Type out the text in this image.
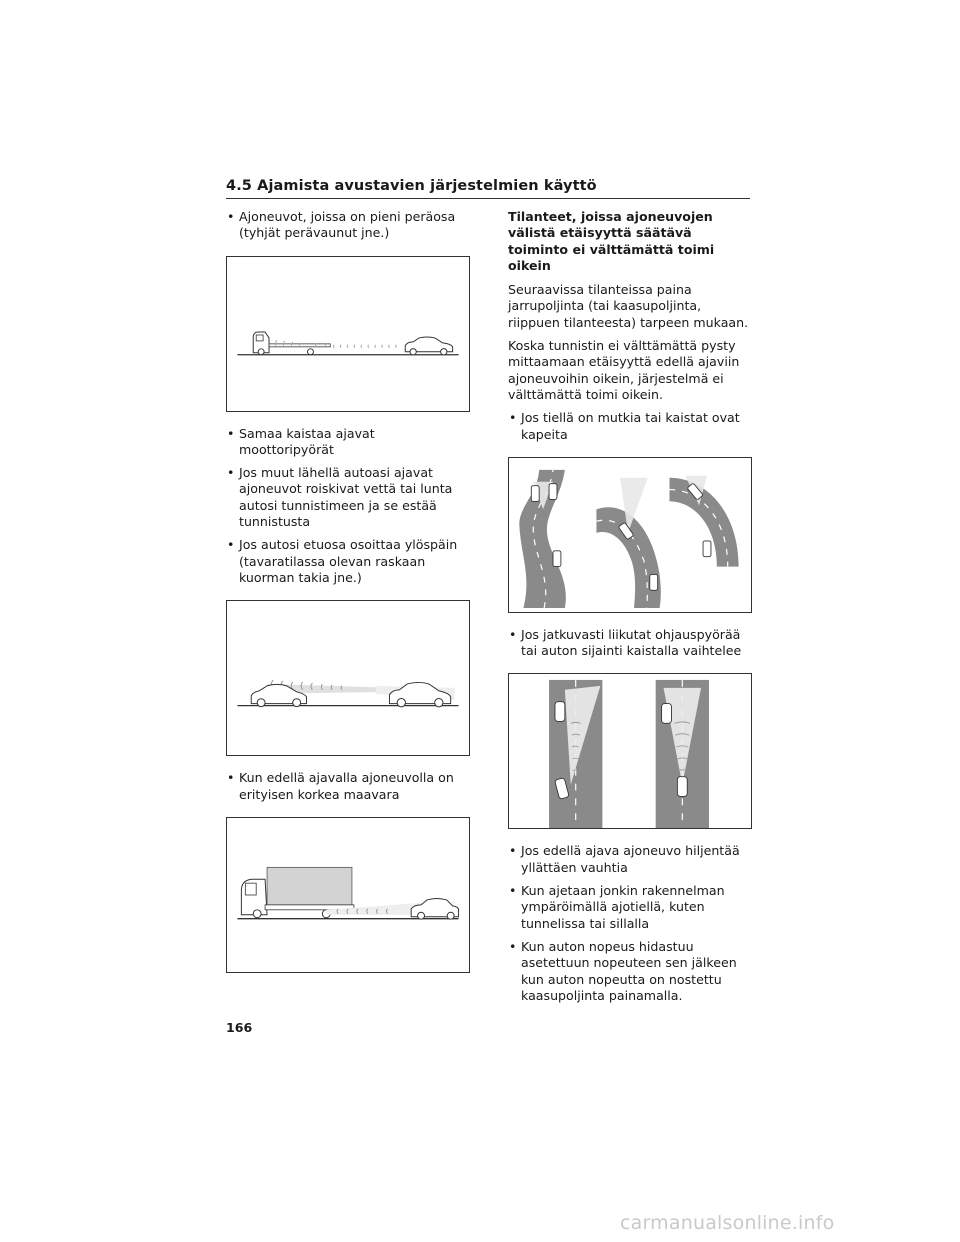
4.5 Ajamista avustavien järjestelmien käyttö
• Ajoneuvot, joissa on pieni peräosa (tyhjät perävaunut jne.)
• Samaa kaistaa ajavat moottoripyörät
• Jos muut lähellä autoasi ajavat ajoneuvot roiskivat vettä tai lunta autosi tunnistimeen ja se estää tunnistusta
• Jos autosi etuosa osoittaa ylöspäin (tavaratilassa olevan raskaan kuorman takia jne.)
• Kun edellä ajavalla ajoneuvolla on erityisen korkea maavara
Tilanteet, joissa ajoneuvojen välistä etäisyyttä säätävä toiminto ei välttämättä toimi oikein
Seuraavissa tilanteissa paina jarrupoljinta (tai kaasupoljinta, riippuen tilanteesta) tarpeen mukaan.
Koska tunnistin ei välttämättä pysty mittaamaan etäisyyttä edellä ajaviin ajoneuvoihin oikein, järjestelmä ei välttämättä toimi oikein.
• Jos tiellä on mutkia tai kaistat ovat kapeita
• Jos jatkuvasti liikutat ohjauspyörää tai auton sijainti kaistalla vaihtelee
• Jos edellä ajava ajoneuvo hiljentää yllättäen vauhtia
• Kun ajetaan jonkin rakennelman ympäröimällä ajotiellä, kuten tunnelissa tai sillalla
• Kun auton nopeus hidastuu asetettuun nopeuteen sen jälkeen kun auton nopeutta on nostettu kaasupoljinta painamalla.
166
carmanualsonline.info
